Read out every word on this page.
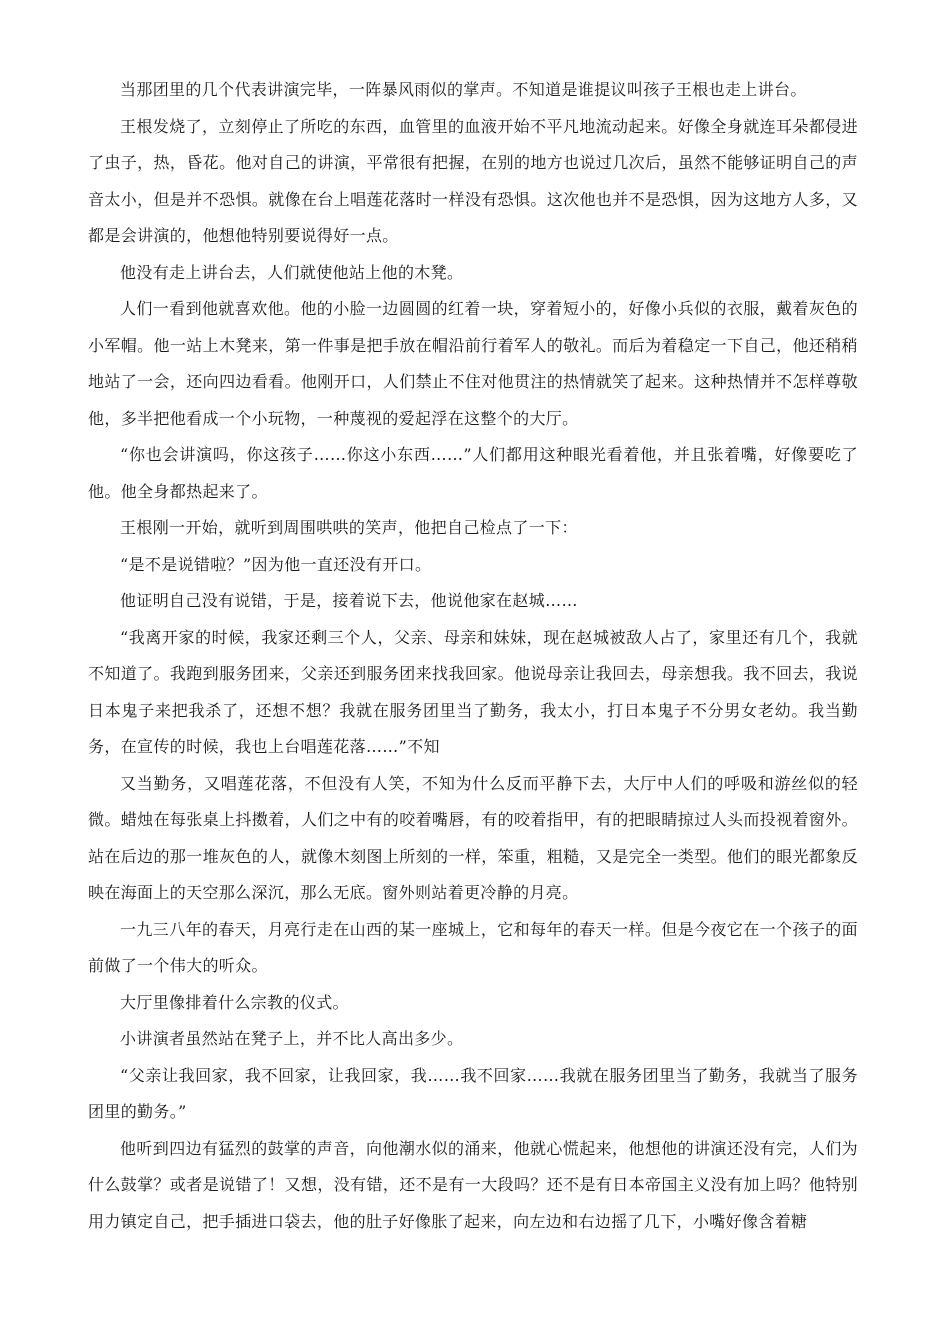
当那团里的几个代表讲演完毕，一阵暴风雨似的掌声。不知道是谁提议叫孩子王根也走上讲台。

王根发烧了，立刻停止了所吃的东西，血管里的血液开始不平凡地流动起来。好像全身就连耳朵都侵进了虫子，热，昏花。他对自己的讲演，平常很有把握，在别的地方也说过几次后，虽然不能够证明自己的声音太小，但是并不恐惧。就像在台上唱莲花落时一样没有恐惧。这次他也并不是恐惧，因为这地方人多，又都是会讲演的，他想他特别要说得好一点。

他没有走上讲台去，人们就使他站上他的木凳。

人们一看到他就喜欢他。他的小脸一边圆圆的红着一块，穿着短小的，好像小兵似的衣服，戴着灰色的小军帽。他一站上木凳来，第一件事是把手放在帽沿前行着军人的敬礼。而后为着稳定一下自己，他还稍稍地站了一会，还向四边看看。他刚开口，人们禁止不住对他贯注的热情就笑了起来。这种热情并不怎样尊敬他，多半把他看成一个小玩物，一种蔑视的爱起浮在这整个的大厅。

“你也会讲演吗，你这孩子……你这小东西……”人们都用这种眼光看着他，并且张着嘴，好像要吃了他。他全身都热起来了。

王根刚一开始，就听到周围哄哄的笑声，他把自己检点了一下：

“是不是说错啦？”因为他一直还没有开口。

他证明自己没有说错，于是，接着说下去，他说他家在赵城……

“我离开家的时候，我家还剩三个人，父亲、母亲和妹妹，现在赵城被敌人占了，家里还有几个，我就不知道了。我跑到服务团来，父亲还到服务团来找我回家。他说母亲让我回去，母亲想我。我不回去，我说日本鬼子来把我杀了，还想不想？我就在服务团里当了勤务，我太小，打日本鬼子不分男女老幼。我当勤务，在宣传的时候，我也上台唱莲花落……”不知

又当勤务，又唱莲花落，不但没有人笑，不知为什么反而平静下去，大厅中人们的呼吸和游丝似的轻微。蜡烛在每张桌上抖擞着，人们之中有的咬着嘴唇，有的咬着指甲，有的把眼睛掠过人头而投视着窗外。站在后边的那一堆灰色的人，就像木刻图上所刻的一样，笨重，粗糙，又是完全一类型。他们的眼光都象反映在海面上的天空那么深沉，那么无底。窗外则站着更冷静的月亮。

一九三八年的春天，月亮行走在山西的某一座城上，它和每年的春天一样。但是今夜它在一个孩子的面前做了一个伟大的听众。

大厅里像排着什么宗教的仪式。

小讲演者虽然站在凳子上，并不比人高出多少。

“父亲让我回家，我不回家，让我回家，我……我不回家……我就在服务团里当了勤务，我就当了服务团里的勤务。”

他听到四边有猛烈的鼓掌的声音，向他潮水似的涌来，他就心慌起来，他想他的讲演还没有完，人们为什么鼓掌？或者是说错了！又想，没有错，还不是有一大段吗？还不是有日本帝国主义没有加上吗？他特别用力镇定自己，把手插进口袋去，他的肚子好像胀了起来，向左边和右边摇了几下，小嘴好像含着糖
